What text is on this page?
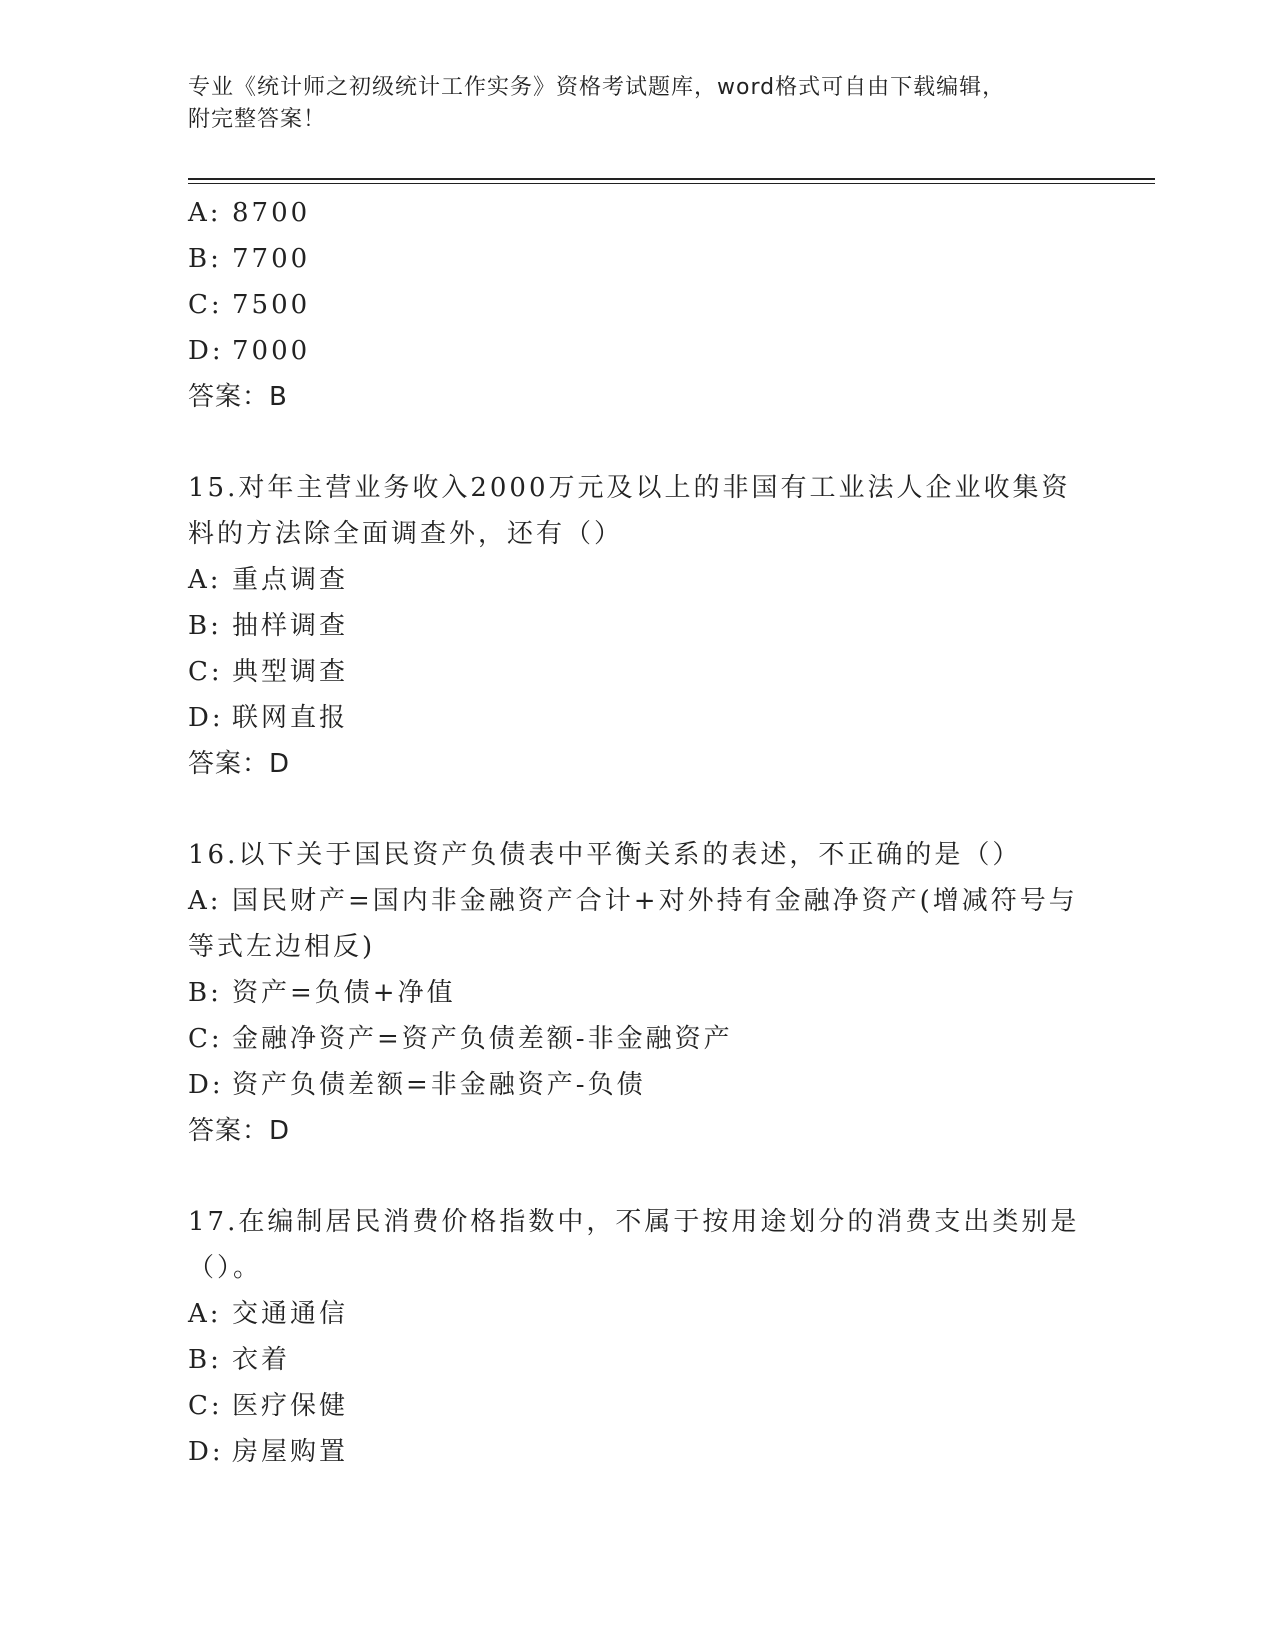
专业《统计师之初级统计工作实务》资格考试题库，word格式可自由下载编辑，
附完整答案！
A: 8700
B: 7700
C: 7500
D: 7000
答案：B
15.对年主营业务收入2000万元及以上的非国有工业法人企业收集资
料的方法除全面调查外，还有（）
A: 重点调查
B: 抽样调查
C: 典型调查
D: 联网直报
答案：D
16.以下关于国民资产负债表中平衡关系的表述，不正确的是（）
A: 国民财产=国内非金融资产合计+对外持有金融净资产(增减符号与
等式左边相反)
B: 资产=负债+净值
C: 金融净资产=资产负债差额-非金融资产
D: 资产负债差额=非金融资产-负债
答案：D
17.在编制居民消费价格指数中，不属于按用途划分的消费支出类别是
（）。
A: 交通通信
B: 衣着
C: 医疗保健
D: 房屋购置
